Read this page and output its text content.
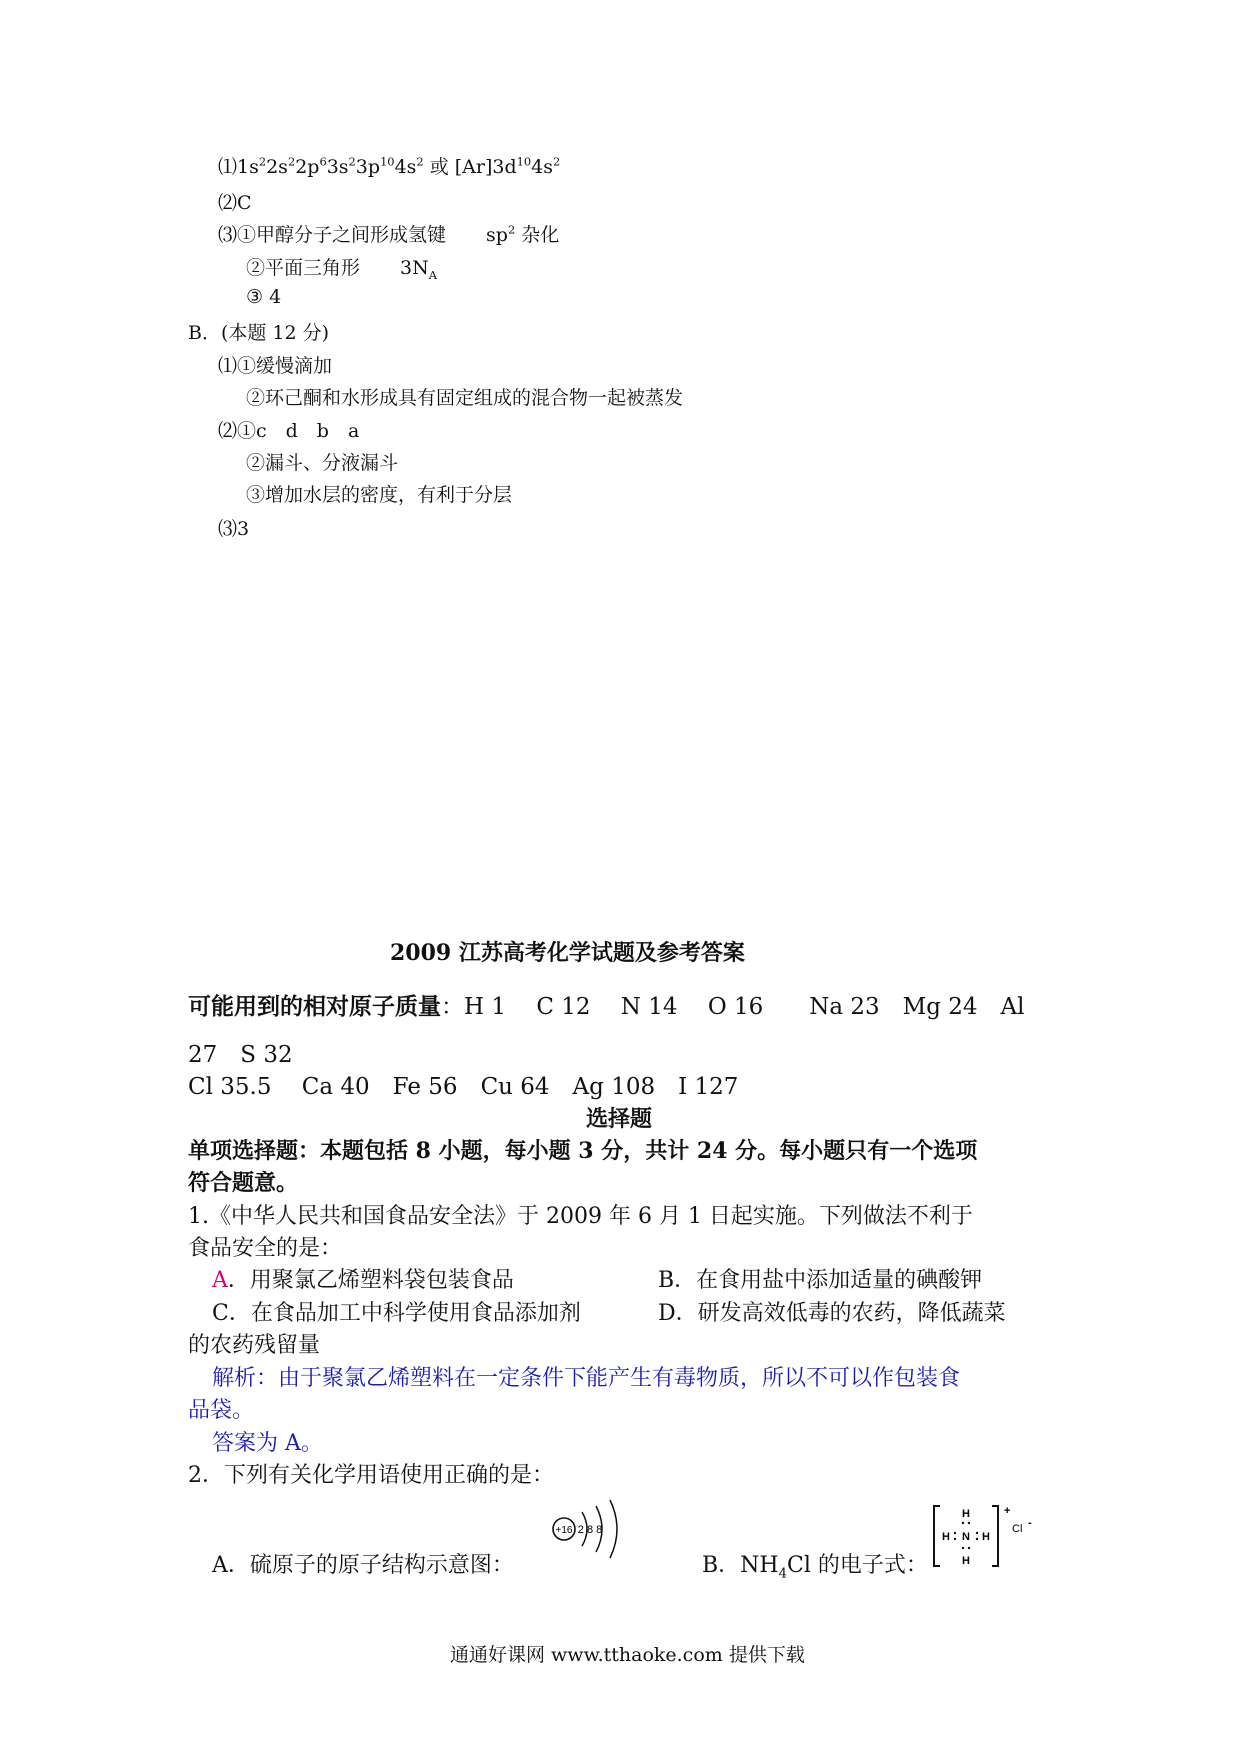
$⑴1s^22s^22p^63s^23p^{10}4s^2$ 或 $[Ar]3d^{10}4s^2$
⑵C
⑶①甲醇分子之间形成氢键 $sp^2$ 杂化
②平面三角形 $3N_A$
③ 4
B．(本题 12 分)
⑴①缓慢滴加
②环己酮和水形成具有固定组成的混合物一起被蒸发
⑵①c　d　b　a
②漏斗、分液漏斗
③增加水层的密度，有利于分层
⑶3
2009 江苏高考化学试题及参考答案
可能用到的相对原子质量：H 1　 C 12　 N 14　 O 16　　Na 23　Mg 24　Al
27　S 32
Cl 35.5　 Ca 40　Fe 56　Cu 64　Ag 108　I 127
选择题
单项选择题：本题包括 8 小题，每小题 3 分，共计 24 分。每小题只有一个选项
符合题意。
1.《中华人民共和国食品安全法》于 2009 年 6 月 1 日起实施。下列做法不利于
食品安全的是：
A．用聚氯乙烯塑料袋包装食品	B．在食用盐中添加适量的碘酸钾
C．在食品加工中科学使用食品添加剂	D．研发高效低毒的农药，降低蔬菜
的农药残留量
解析：由于聚氯乙烯塑料在一定条件下能产生有毒物质，所以不可以作包装食
品袋。
答案为 A。
2．下列有关化学用语使用正确的是：
A．硫原子的原子结构示意图：
+16 2 8 8
B．$NH_4Cl$ 的电子式：
H
H N H
H
+
Cl -
通通好课网 www.tthaoke.com 提供下载
